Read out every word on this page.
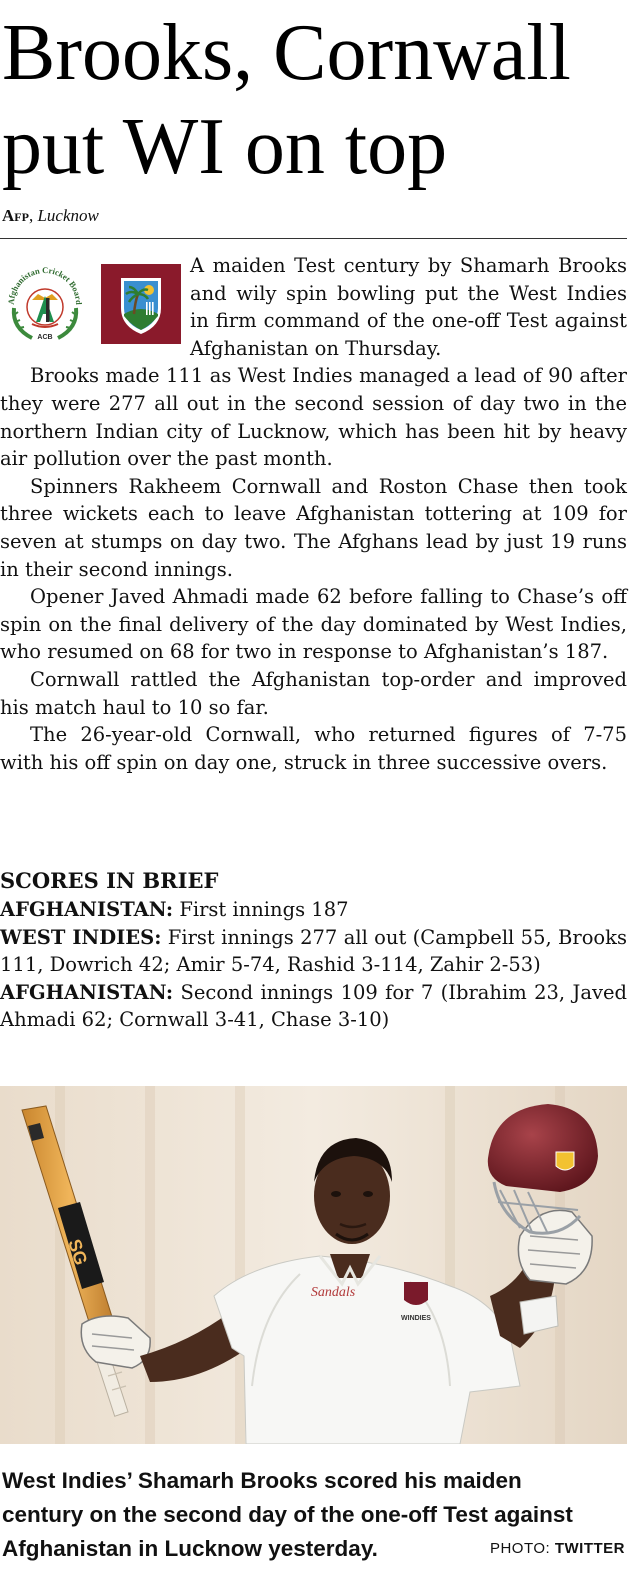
Brooks, Cornwall
put WI on top
Afp, Lucknow

A maiden Test century by Shamarh Brooks and wily spin bowling put the West Indies in firm command of the one-off Test against Afghanistan on Thursday.

Brooks made 111 as West Indies managed a lead of 90 after they were 277 all out in the second session of day two in the northern Indian city of Lucknow, which has been hit by heavy air pollution over the past month.

Spinners Rakheem Cornwall and Roston Chase then took three wickets each to leave Afghanistan tottering at 109 for seven at stumps on day two. The Afghans lead by just 19 runs in their second innings.

Opener Javed Ahmadi made 62 before falling to Chase’s off spin on the final delivery of the day dominated by West Indies, who resumed on 68 for two in response to Afghanistan’s 187.

Cornwall rattled the Afghanistan top-order and improved his match haul to 10 so far.

The 26-year-old Cornwall, who returned figures of 7-75 with his off spin on day one, struck in three successive overs.

Afghanistan Cricket Board
ACB

SCORES IN BRIEF

AFGHANISTAN: First innings 187

WEST INDIES: First innings 277 all out (Campbell 55, Brooks 111, Dowrich 42; Amir 5-74, Rashid 3-114, Zahir 2-53)

AFGHANISTAN: Second innings 109 for 7 (Ibrahim 23, Javed Ahmadi 62; Cornwall 3-41, Chase 3-10)

SG
Sandals
WINDIES

West Indies’ Shamarh Brooks scored his maiden century on the second day of the one-off Test against Afghanistan in Lucknow yesterday.	PHOTO: TWITTER
